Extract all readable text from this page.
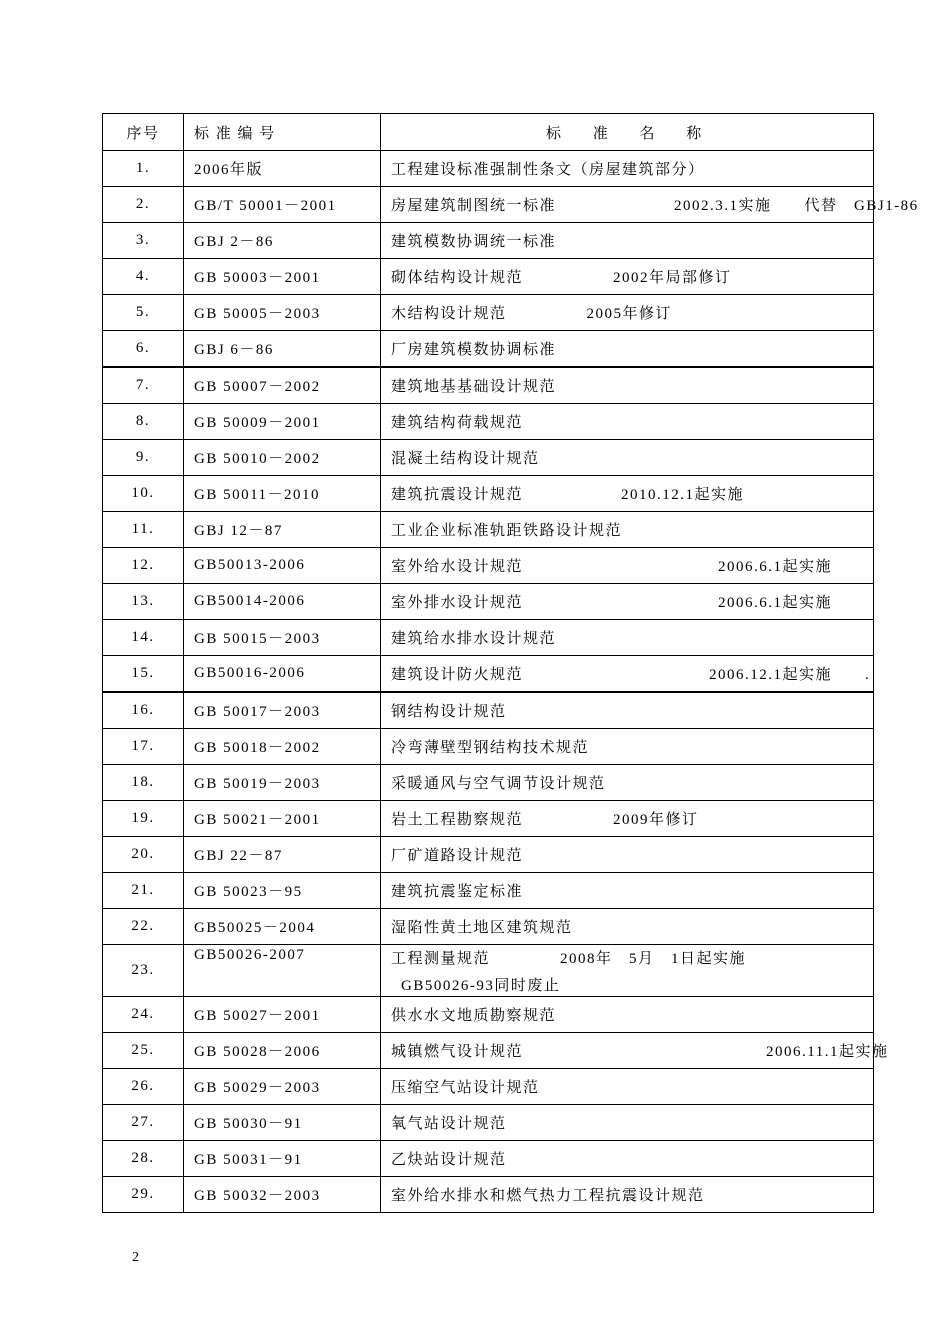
序号	标 准 编 号	标 准 名 称
1.	2006年版	工程建设标准强制性条文（房屋建筑部分）

2.	GB/T 50001－2001	房屋建筑制图统一标准 2002.3.1实施　　代替　GBJ1-86

3.	GBJ 2－86	建筑模数协调统一标准

4.	GB 50003－2001	砌体结构设计规范 2002年局部修订

5.	GB 50005－2003	木结构设计规范 2005年修订

6.	GBJ 6－86	厂房建筑模数协调标准

7.	GB 50007－2002	建筑地基基础设计规范

8.	GB 50009－2001	建筑结构荷载规范

9.	GB 50010－2002	混凝土结构设计规范

10.	GB 50011－2010	建筑抗震设计规范 2010.12.1起实施

11.	GBJ 12－87	工业企业标准轨距铁路设计规范

12.	GB50013-2006	室外给水设计规范 2006.6.1起实施

13.	GB50014-2006	室外排水设计规范 2006.6.1起实施

14.	GB 50015－2003	建筑给水排水设计规范

15.	GB50016-2006	建筑设计防火规范 2006.12.1起实施　　.

16.	GB 50017－2003	钢结构设计规范

17.	GB 50018－2002	冷弯薄壁型钢结构技术规范

18.	GB 50019－2003	采暖通风与空气调节设计规范

19.	GB 50021－2001	岩土工程勘察规范 2009年修订

20.	GBJ 22－87	厂矿道路设计规范

21.	GB 50023－95	建筑抗震鉴定标准

22.	GB50025－2004	湿陷性黄土地区建筑规范

23.	GB50026-2007	工程测量规范 2008年　5月　1日起实施
GB50026-93同时废止

24.	GB 50027－2001	供水水文地质勘察规范

25.	GB 50028－2006	城镇燃气设计规范 2006.11.1起实施

26.	GB 50029－2003	压缩空气站设计规范

27.	GB 50030－91	氧气站设计规范

28.	GB 50031－91	乙炔站设计规范

29.	GB 50032－2003	室外给水排水和燃气热力工程抗震设计规范
2
